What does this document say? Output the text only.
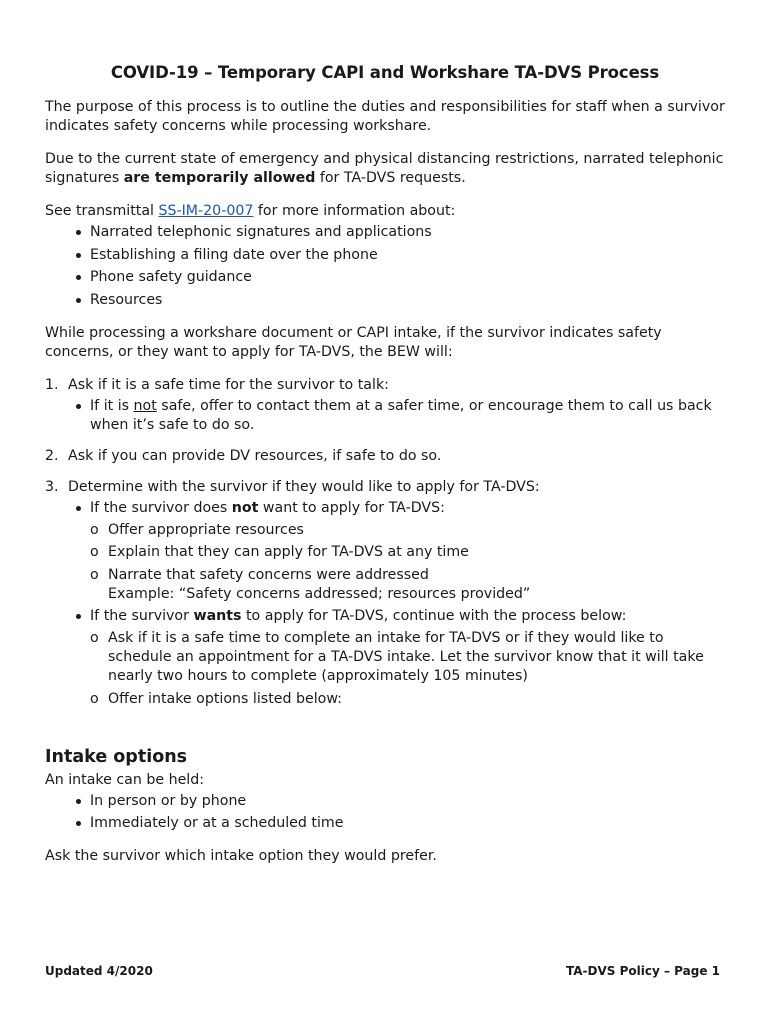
COVID-19 – Temporary CAPI and Workshare TA-DVS Process

The purpose of this process is to outline the duties and responsibilities for staff when a survivor indicates safety concerns while processing workshare.

Due to the current state of emergency and physical distancing restrictions, narrated telephonic signatures are temporarily allowed for TA-DVS requests.

See transmittal SS-IM-20-007 for more information about:

Narrated telephonic signatures and applications
Establishing a filing date over the phone
Phone safety guidance
Resources

While processing a workshare document or CAPI intake, if the survivor indicates safety concerns, or they want to apply for TA-DVS, the BEW will:

1. Ask if it is a safe time for the survivor to talk:
If it is not safe, offer to contact them at a safer time, or encourage them to call us back when it’s safe to do so.
2. Ask if you can provide DV resources, if safe to do so.
3. Determine with the survivor if they would like to apply for TA-DVS:
If the survivor does not want to apply for TA-DVS:
o Offer appropriate resources
o Explain that they can apply for TA-DVS at any time
o Narrate that safety concerns were addressed
Example: “Safety concerns addressed; resources provided”
If the survivor wants to apply for TA-DVS, continue with the process below:
o Ask if it is a safe time to complete an intake for TA-DVS or if they would like to schedule an appointment for a TA-DVS intake. Let the survivor know that it will take nearly two hours to complete (approximately 105 minutes)
o Offer intake options listed below:
Intake options

An intake can be held:

In person or by phone
Immediately or at a scheduled time

Ask the survivor which intake option they would prefer.

Updated 4/2020	TA-DVS Policy – Page 1
